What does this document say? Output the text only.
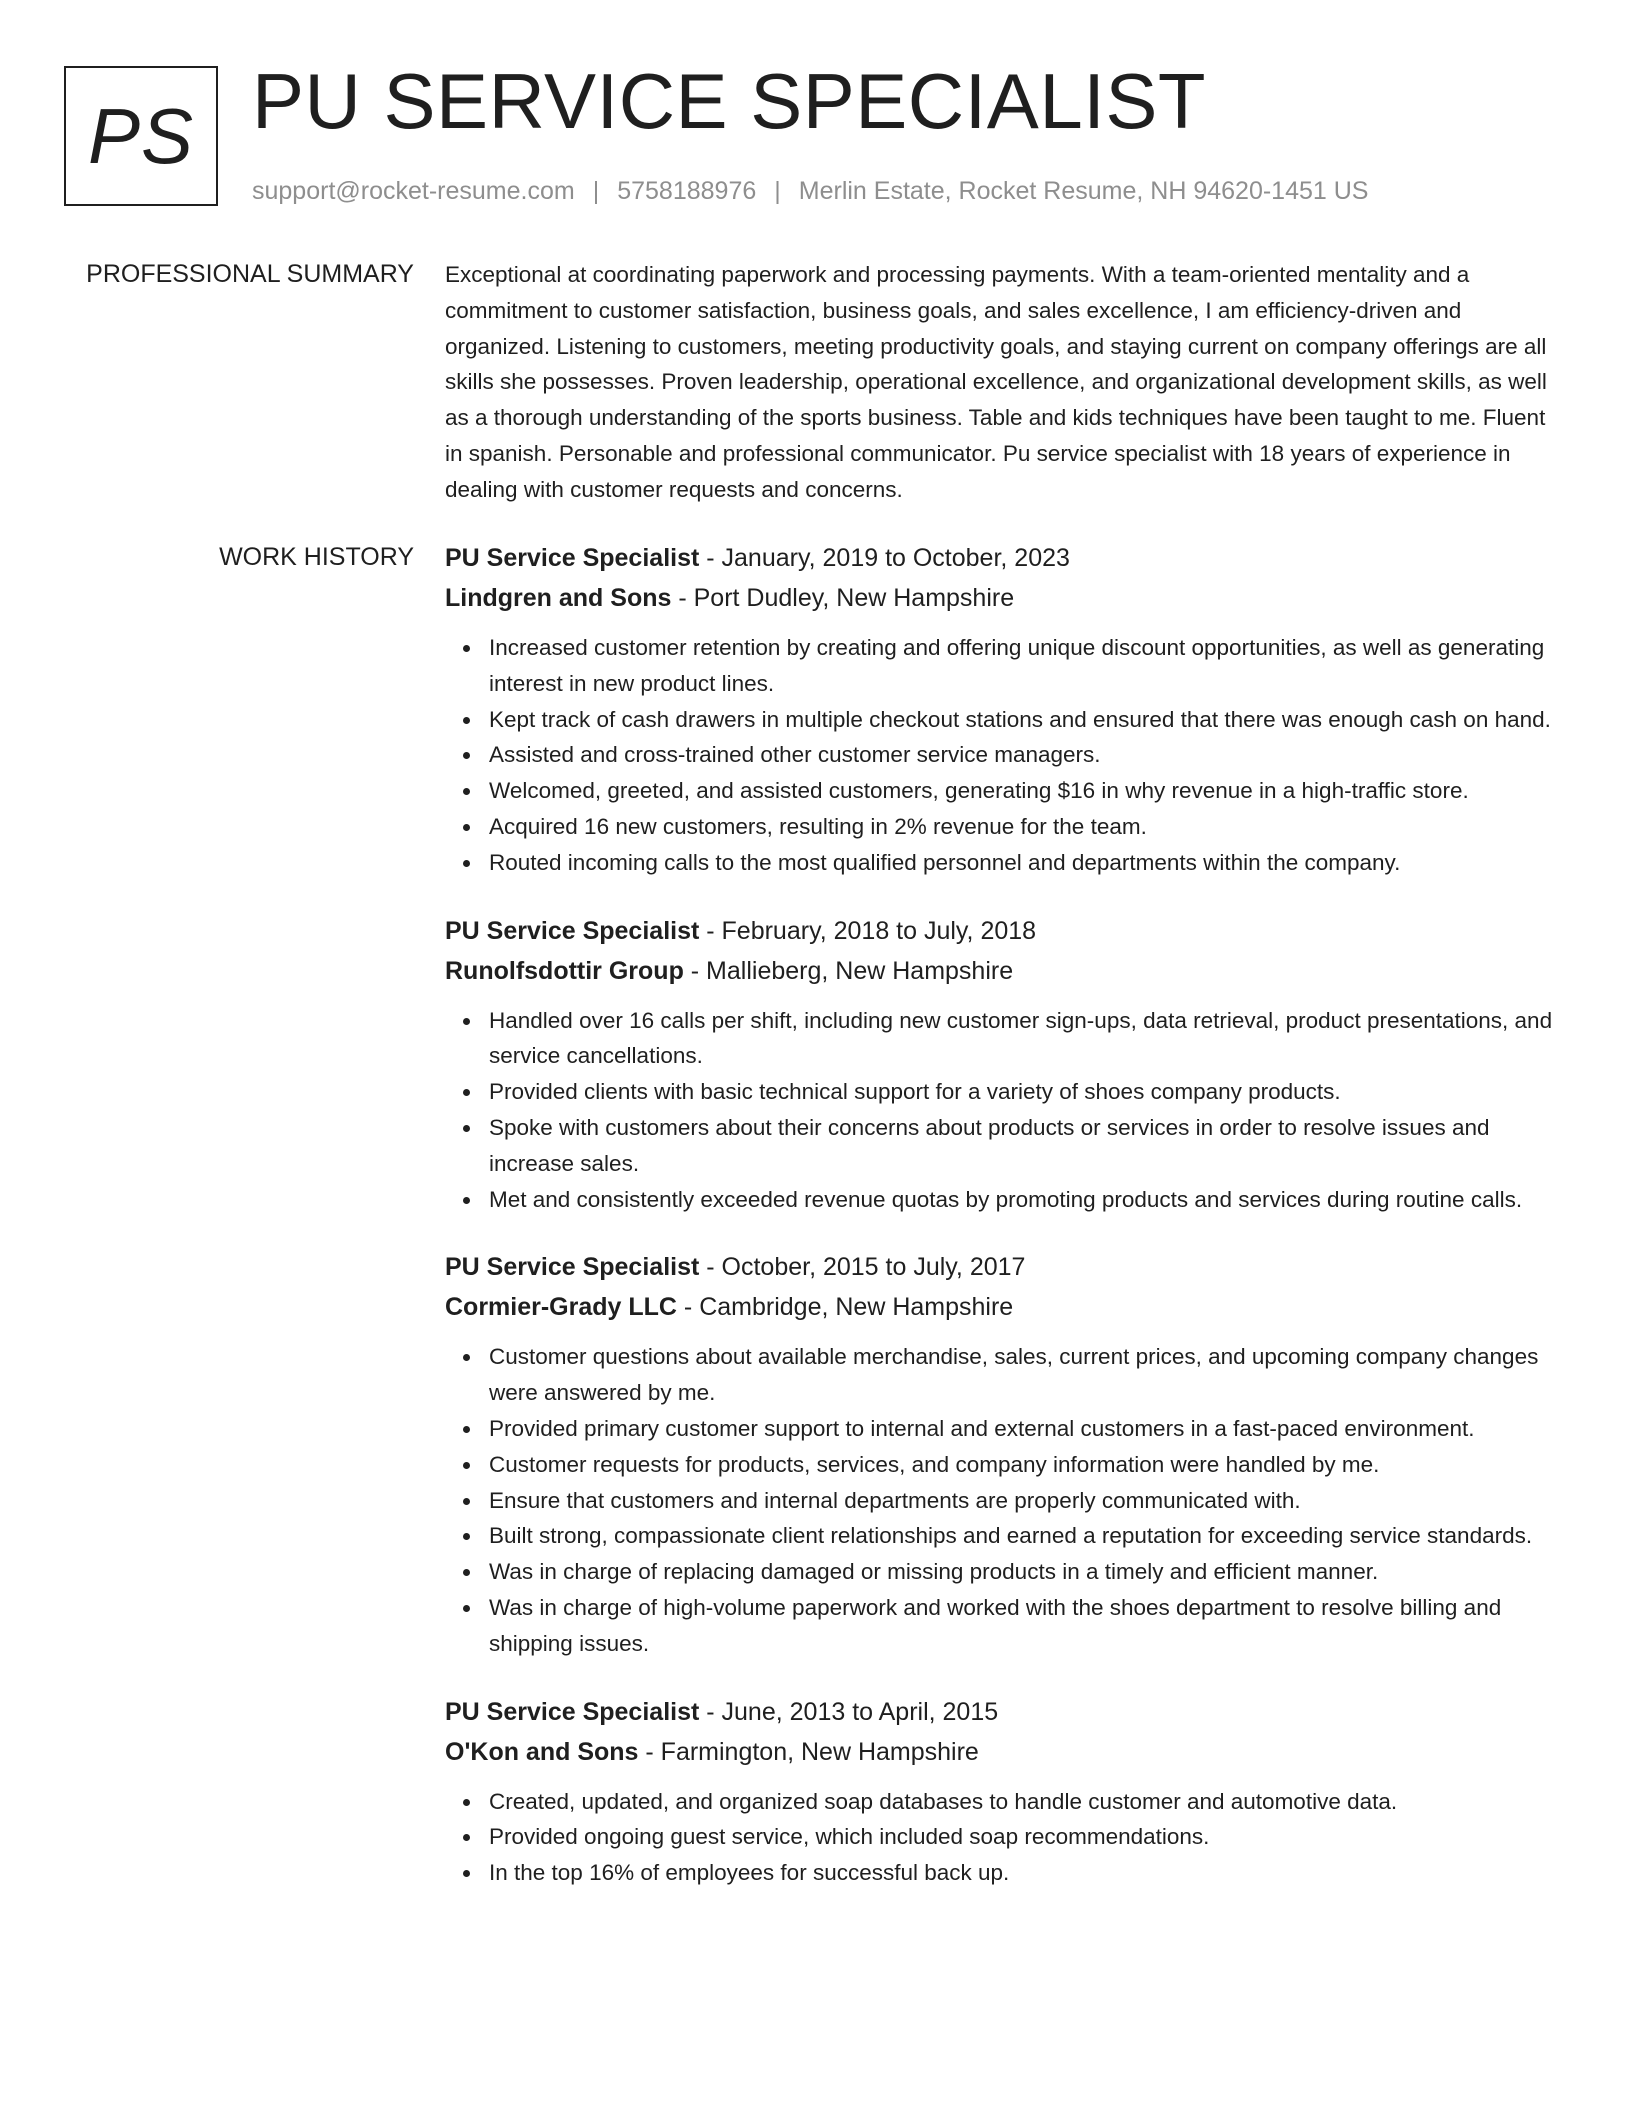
PS PU SERVICE SPECIALIST
support@rocket-resume.com | 5758188976 | Merlin Estate, Rocket Resume, NH 94620-1451 US
PROFESSIONAL SUMMARY Exceptional at coordinating paperwork and processing payments. With a team-oriented mentality and a commitment to customer satisfaction, business goals, and sales excellence, I am efficiency-driven and organized. Listening to customers, meeting productivity goals, and staying current on company offerings are all skills she possesses. Proven leadership, operational excellence, and organizational development skills, as well as a thorough understanding of the sports business. Table and kids techniques have been taught to me. Fluent in spanish. Personable and professional communicator. Pu service specialist with 18 years of experience in dealing with customer requests and concerns.

WORK HISTORY PU Service Specialist - January, 2019 to October, 2023
Lindgren and Sons - Port Dudley, New Hampshire
Increased customer retention by creating and offering unique discount opportunities, as well as generating interest in new product lines.
Kept track of cash drawers in multiple checkout stations and ensured that there was enough cash on hand.
Assisted and cross-trained other customer service managers.
Welcomed, greeted, and assisted customers, generating $16 in why revenue in a high-traffic store.
Acquired 16 new customers, resulting in 2% revenue for the team.
Routed incoming calls to the most qualified personnel and departments within the company.
PU Service Specialist - February, 2018 to July, 2018
Runolfsdottir Group - Mallieberg, New Hampshire
Handled over 16 calls per shift, including new customer sign-ups, data retrieval, product presentations, and service cancellations.
Provided clients with basic technical support for a variety of shoes company products.
Spoke with customers about their concerns about products or services in order to resolve issues and increase sales.
Met and consistently exceeded revenue quotas by promoting products and services during routine calls.
PU Service Specialist - October, 2015 to July, 2017
Cormier-Grady LLC - Cambridge, New Hampshire
Customer questions about available merchandise, sales, current prices, and upcoming company changes were answered by me.
Provided primary customer support to internal and external customers in a fast-paced environment.
Customer requests for products, services, and company information were handled by me.
Ensure that customers and internal departments are properly communicated with.
Built strong, compassionate client relationships and earned a reputation for exceeding service standards.
Was in charge of replacing damaged or missing products in a timely and efficient manner.
Was in charge of high-volume paperwork and worked with the shoes department to resolve billing and shipping issues.
PU Service Specialist - June, 2013 to April, 2015
O'Kon and Sons - Farmington, New Hampshire
Created, updated, and organized soap databases to handle customer and automotive data.
Provided ongoing guest service, which included soap recommendations.
In the top 16% of employees for successful back up.
